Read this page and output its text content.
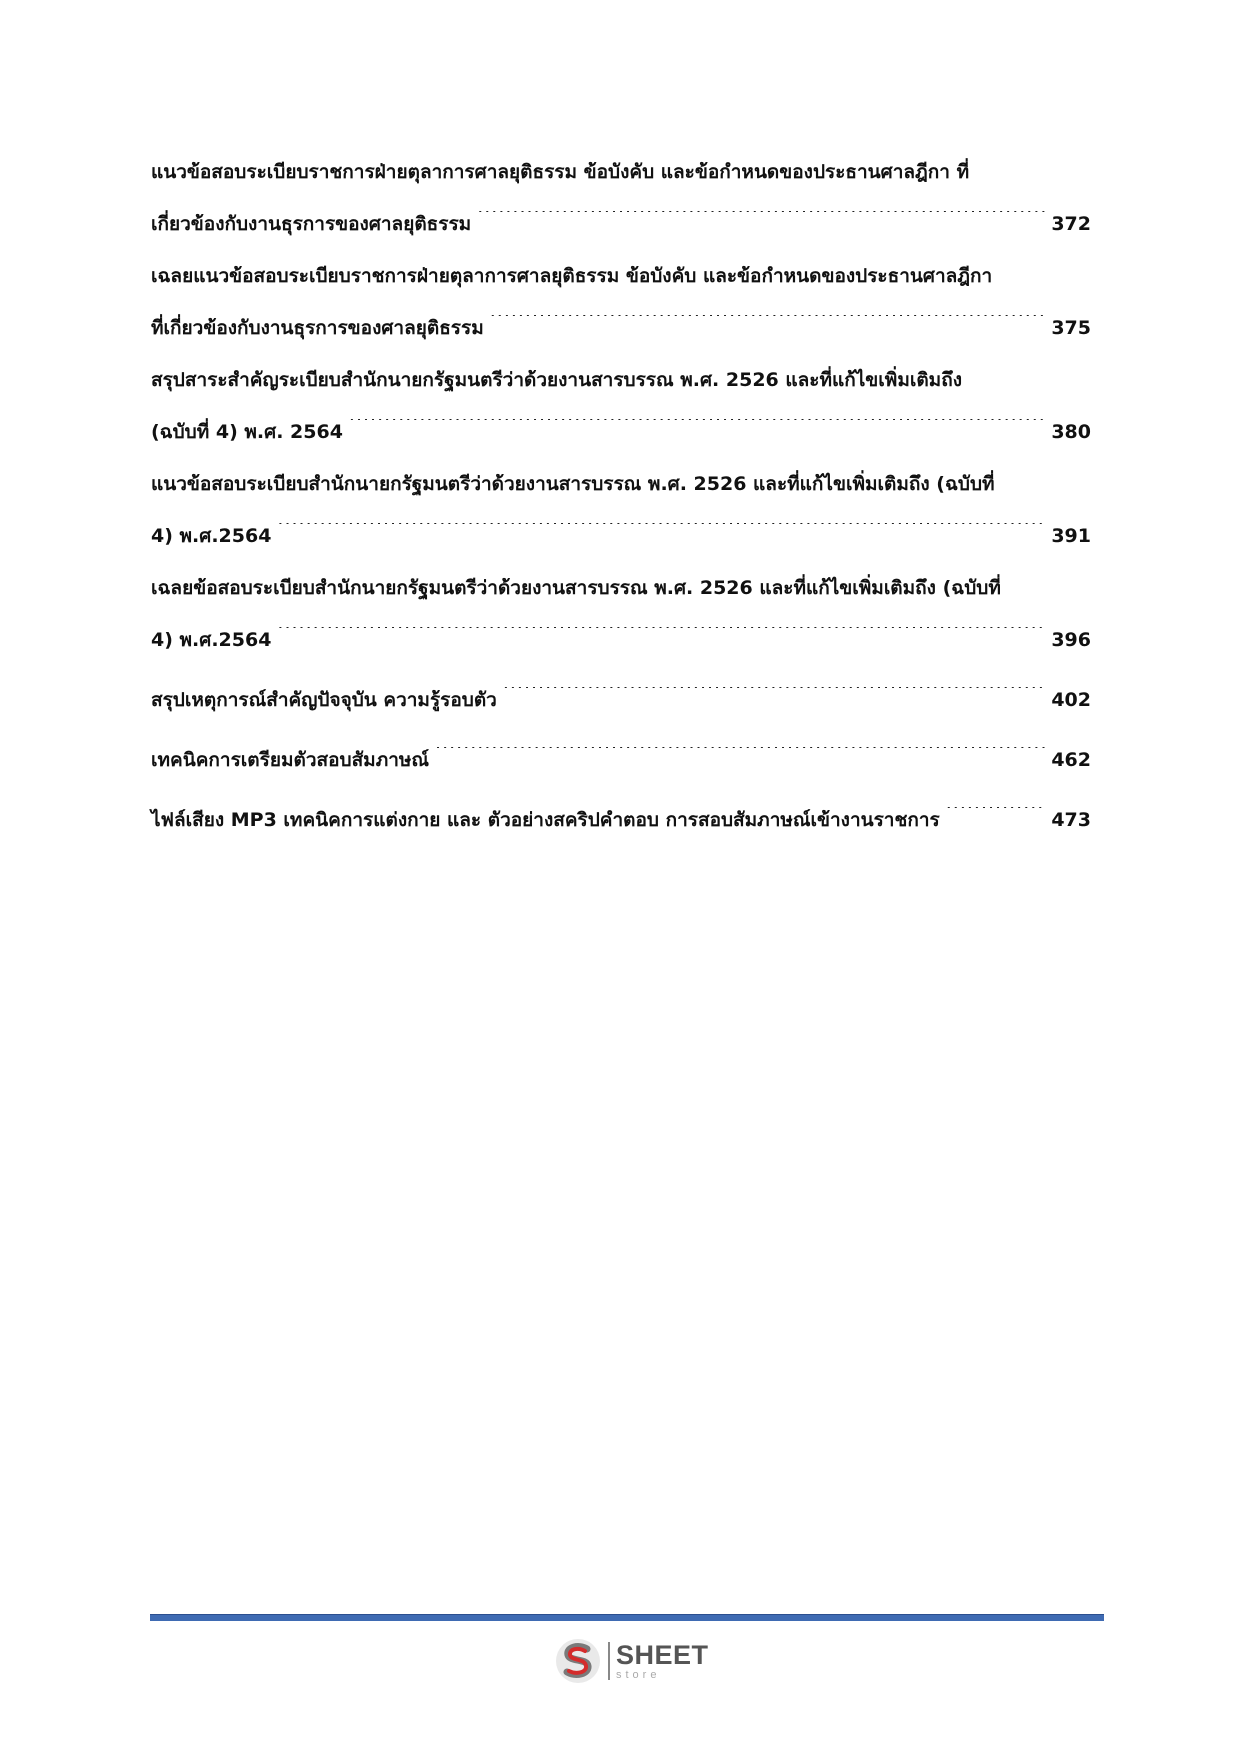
แนวข้อสอบระเบียบราชการฝ่ายตุลาการศาลยุติธรรม ข้อบังคับ และข้อกำหนดของประธานศาลฎีกา ที่
เกี่ยวข้องกับงานธุรการของศาลยุติธรรม .....	372
เฉลยแนวข้อสอบระเบียบราชการฝ่ายตุลาการศาลยุติธรรม ข้อบังคับ และข้อกำหนดของประธานศาลฎีกา
ที่เกี่ยวข้องกับงานธุรการของศาลยุติธรรม .....	375
สรุปสาระสำคัญระเบียบสำนักนายกรัฐมนตรีว่าด้วยงานสารบรรณ พ.ศ. 2526 และที่แก้ไขเพิ่มเติมถึง
(ฉบับที่ 4) พ.ศ. 2564 .....	380
แนวข้อสอบระเบียบสำนักนายกรัฐมนตรีว่าด้วยงานสารบรรณ พ.ศ. 2526 และที่แก้ไขเพิ่มเติมถึง (ฉบับที่
4) พ.ศ.2564 .....	391
เฉลยข้อสอบระเบียบสำนักนายกรัฐมนตรีว่าด้วยงานสารบรรณ พ.ศ. 2526 และที่แก้ไขเพิ่มเติมถึง (ฉบับที่
4) พ.ศ.2564 .....	396
สรุปเหตุการณ์สำคัญปัจจุบัน ความรู้รอบตัว .....	402
เทคนิคการเตรียมตัวสอบสัมภาษณ์ .....	462
ไฟล์เสียง MP3 เทคนิคการแต่งกาย และ ตัวอย่างสคริปคำตอบ การสอบสัมภาษณ์เข้างานราชการ .....	473
SHEET
store
